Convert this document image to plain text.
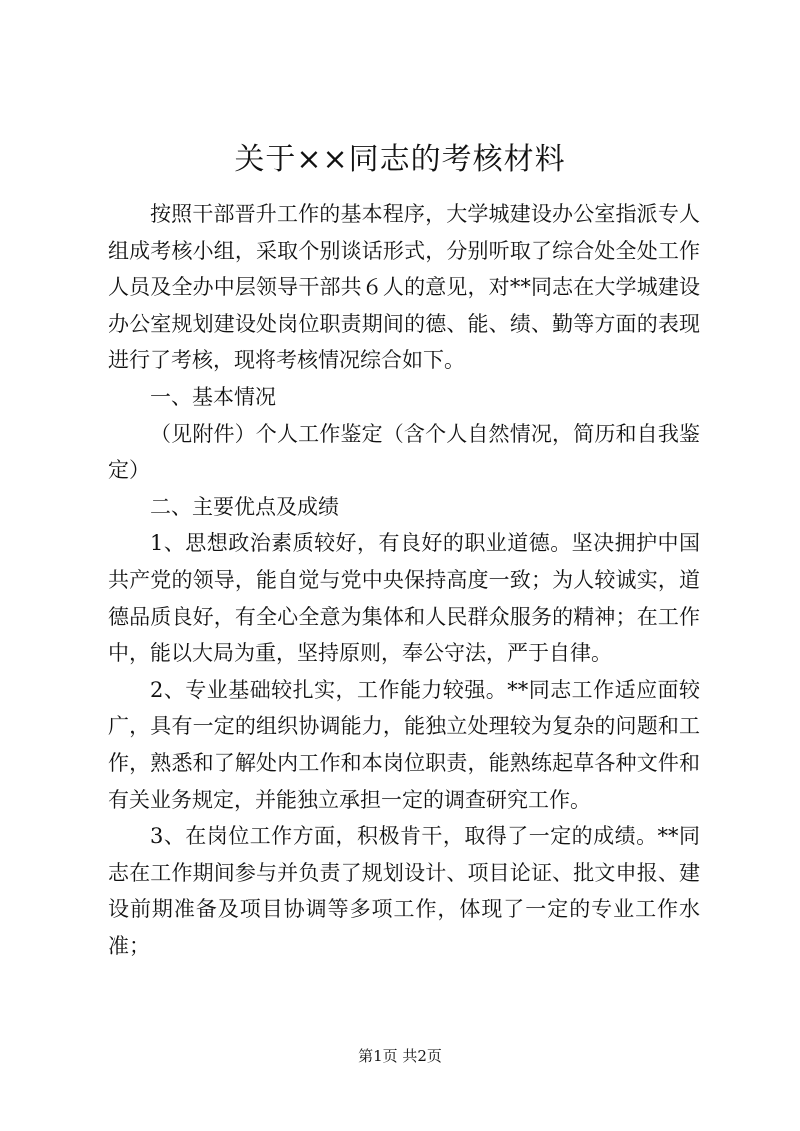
关于××同志的考核材料

按照干部晋升工作的基本程序，大学城建设办公室指派专人组成考核小组，采取个别谈话形式，分别听取了综合处全处工作人员及全办中层领导干部共６人的意见，对**同志在大学城建设办公室规划建设处岗位职责期间的德、能、绩、勤等方面的表现进行了考核，现将考核情况综合如下。

一、基本情况

（见附件）个人工作鉴定（含个人自然情况，简历和自我鉴定）

二、主要优点及成绩

1、思想政治素质较好，有良好的职业道德。坚决拥护中国共产党的领导，能自觉与党中央保持高度一致；为人较诚实，道德品质良好，有全心全意为集体和人民群众服务的精神；在工作中，能以大局为重，坚持原则，奉公守法，严于自律。

2、专业基础较扎实，工作能力较强。**同志工作适应面较广，具有一定的组织协调能力，能独立处理较为复杂的问题和工作，熟悉和了解处内工作和本岗位职责，能熟练起草各种文件和有关业务规定，并能独立承担一定的调查研究工作。

3、在岗位工作方面，积极肯干，取得了一定的成绩。**同志在工作期间参与并负责了规划设计、项目论证、批文申报、建设前期准备及项目协调等多项工作，体现了一定的专业工作水准；

第1页 共2页
